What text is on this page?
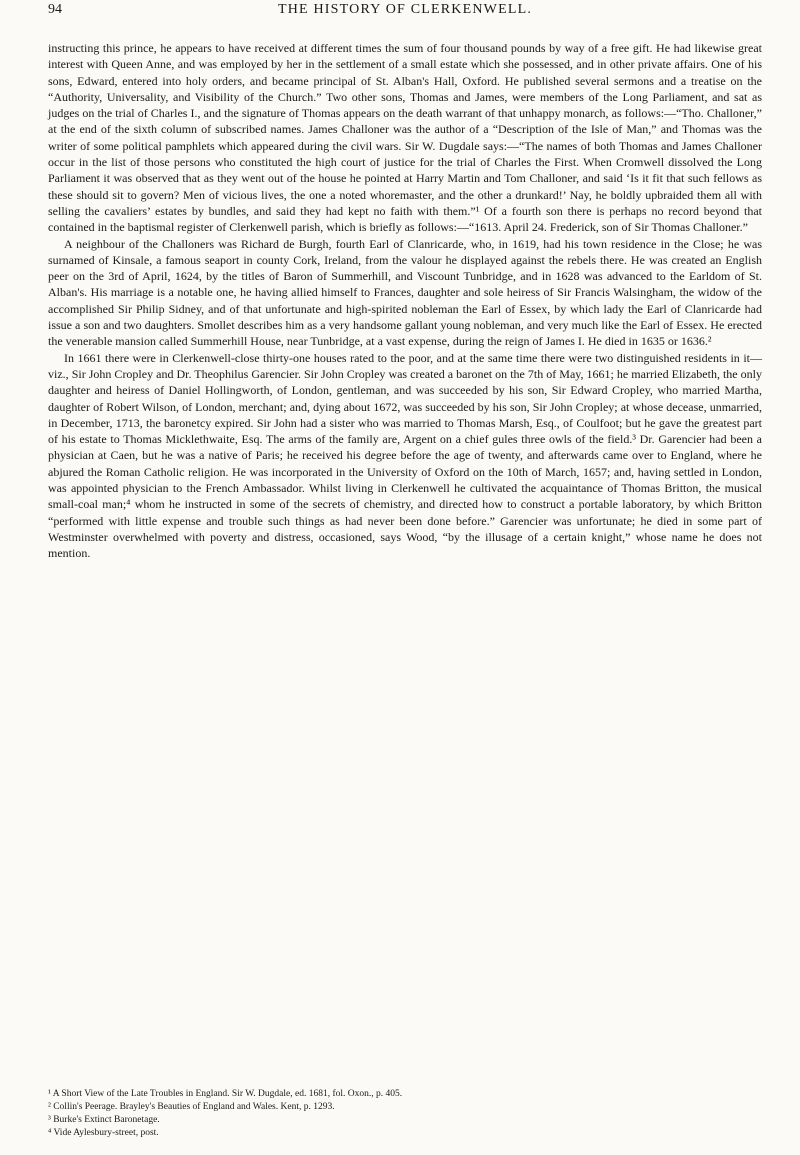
94	THE HISTORY OF CLERKENWELL.

instructing this prince, he appears to have received at different times the sum of four thousand pounds by way of a free gift. He had likewise great interest with Queen Anne, and was employed by her in the settlement of a small estate which she possessed, and in other private affairs. One of his sons, Edward, entered into holy orders, and became principal of St. Alban's Hall, Oxford. He published several sermons and a treatise on the “Authority, Universality, and Visibility of the Church.” Two other sons, Thomas and James, were members of the Long Parliament, and sat as judges on the trial of Charles I., and the signature of Thomas appears on the death warrant of that unhappy monarch, as follows:—“Tho. Challoner,” at the end of the sixth column of subscribed names. James Challoner was the author of a “Description of the Isle of Man,” and Thomas was the writer of some political pamphlets which appeared during the civil wars. Sir W. Dugdale says:—“The names of both Thomas and James Challoner occur in the list of those persons who constituted the high court of justice for the trial of Charles the First. When Cromwell dissolved the Long Parliament it was observed that as they went out of the house he pointed at Harry Martin and Tom Challoner, and said ‘Is it fit that such fellows as these should sit to govern? Men of vicious lives, the one a noted whoremaster, and the other a drunkard!’ Nay, he boldly upbraided them all with selling the cavaliers’ estates by bundles, and said they had kept no faith with them.”¹ Of a fourth son there is perhaps no record beyond that contained in the baptismal register of Clerkenwell parish, which is briefly as follows:—“1613. April 24. Frederick, son of Sir Thomas Challoner.”

A neighbour of the Challoners was Richard de Burgh, fourth Earl of Clanricarde, who, in 1619, had his town residence in the Close; he was surnamed of Kinsale, a famous seaport in county Cork, Ireland, from the valour he displayed against the rebels there. He was created an English peer on the 3rd of April, 1624, by the titles of Baron of Summerhill, and Viscount Tunbridge, and in 1628 was advanced to the Earldom of St. Alban's. His marriage is a notable one, he having allied himself to Frances, daughter and sole heiress of Sir Francis Walsingham, the widow of the accomplished Sir Philip Sidney, and of that unfortunate and high-spirited nobleman the Earl of Essex, by which lady the Earl of Clanricarde had issue a son and two daughters. Smollet describes him as a very handsome gallant young nobleman, and very much like the Earl of Essex. He erected the venerable mansion called Summerhill House, near Tunbridge, at a vast expense, during the reign of James I. He died in 1635 or 1636.²

In 1661 there were in Clerkenwell-close thirty-one houses rated to the poor, and at the same time there were two distinguished residents in it—viz., Sir John Cropley and Dr. Theophilus Garencier. Sir John Cropley was created a baronet on the 7th of May, 1661; he married Elizabeth, the only daughter and heiress of Daniel Hollingworth, of London, gentleman, and was succeeded by his son, Sir Edward Cropley, who married Martha, daughter of Robert Wilson, of London, merchant; and, dying about 1672, was succeeded by his son, Sir John Cropley; at whose decease, unmarried, in December, 1713, the baronetcy expired. Sir John had a sister who was married to Thomas Marsh, Esq., of Coulfoot; but he gave the greatest part of his estate to Thomas Micklethwaite, Esq. The arms of the family are, Argent on a chief gules three owls of the field.³ Dr. Garencier had been a physician at Caen, but he was a native of Paris; he received his degree before the age of twenty, and afterwards came over to England, where he abjured the Roman Catholic religion. He was incorporated in the University of Oxford on the 10th of March, 1657; and, having settled in London, was appointed physician to the French Ambassador. Whilst living in Clerkenwell he cultivated the acquaintance of Thomas Britton, the musical small-coal man;⁴ whom he instructed in some of the secrets of chemistry, and directed how to construct a portable laboratory, by which Britton “performed with little expense and trouble such things as had never been done before.” Garencier was unfortunate; he died in some part of Westminster overwhelmed with poverty and distress, occasioned, says Wood, “by the illusage of a certain knight,” whose name he does not mention.

¹ A Short View of the Late Troubles in England. Sir W. Dugdale, ed. 1681, fol. Oxon., p. 405.

² Collin's Peerage. Brayley's Beauties of England and Wales. Kent, p. 1293.

³ Burke's Extinct Baronetage.

⁴ Vide Aylesbury-street, post.
